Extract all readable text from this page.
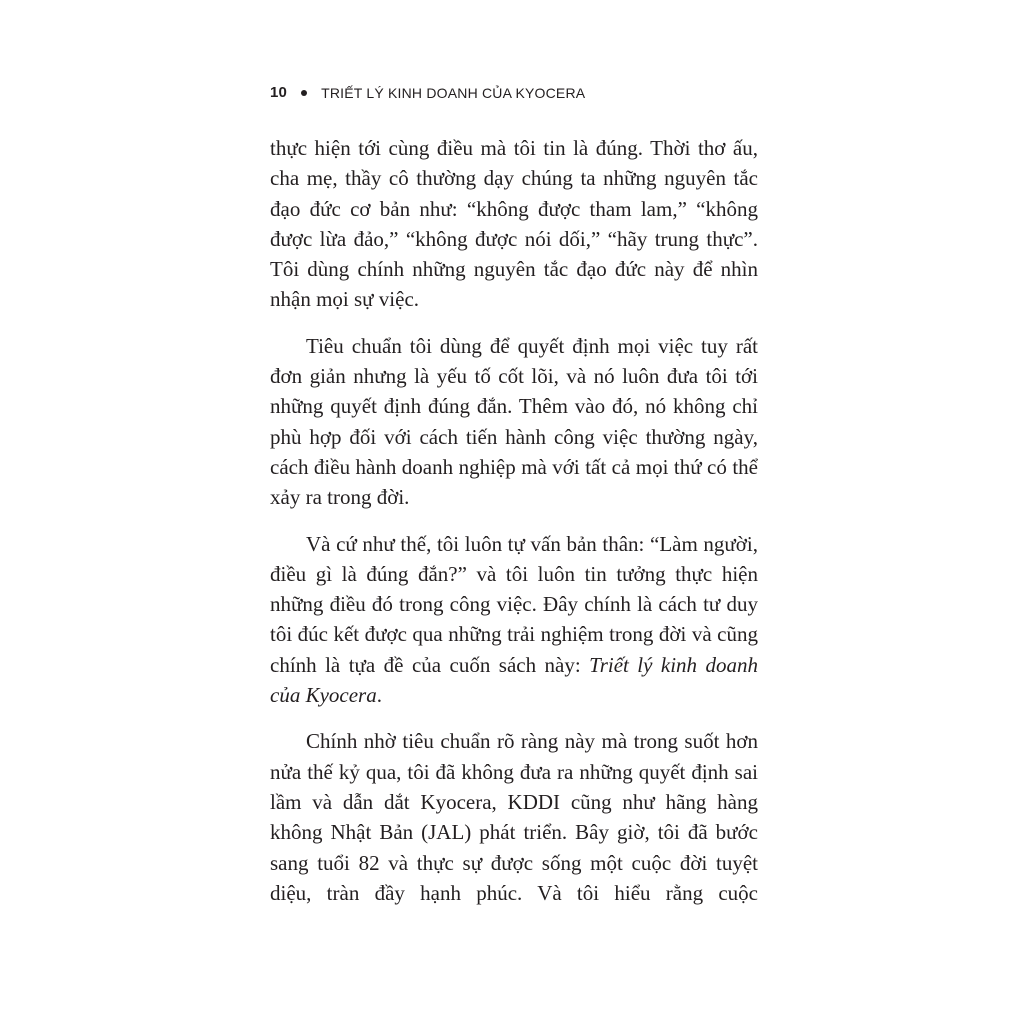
10 TRIẾT LÝ KINH DOANH CỦA KYOCERA

thực hiện tới cùng điều mà tôi tin là đúng. Thời thơ ấu, cha mẹ, thầy cô thường dạy chúng ta những nguyên tắc đạo đức cơ bản như: “không được tham lam,” “không được lừa đảo,” “không được nói dối,” “hãy trung thực”. Tôi dùng chính những nguyên tắc đạo đức này để nhìn nhận mọi sự việc.

Tiêu chuẩn tôi dùng để quyết định mọi việc tuy rất đơn giản nhưng là yếu tố cốt lõi, và nó luôn đưa tôi tới những quyết định đúng đắn. Thêm vào đó, nó không chỉ phù hợp đối với cách tiến hành công việc thường ngày, cách điều hành doanh nghiệp mà với tất cả mọi thứ có thể xảy ra trong đời.

Và cứ như thế, tôi luôn tự vấn bản thân: “Làm người, điều gì là đúng đắn?” và tôi luôn tin tưởng thực hiện những điều đó trong công việc. Đây chính là cách tư duy tôi đúc kết được qua những trải nghiệm trong đời và cũng chính là tựa đề của cuốn sách này: Triết lý kinh doanh của Kyocera.

Chính nhờ tiêu chuẩn rõ ràng này mà trong suốt hơn nửa thế kỷ qua, tôi đã không đưa ra những quyết định sai lầm và dẫn dắt Kyocera, KDDI cũng như hãng hàng không Nhật Bản (JAL) phát triển. Bây giờ, tôi đã bước sang tuổi 82 và thực sự được sống một cuộc đời tuyệt diệu, tràn đầy hạnh phúc. Và tôi hiểu rằng cuộc
